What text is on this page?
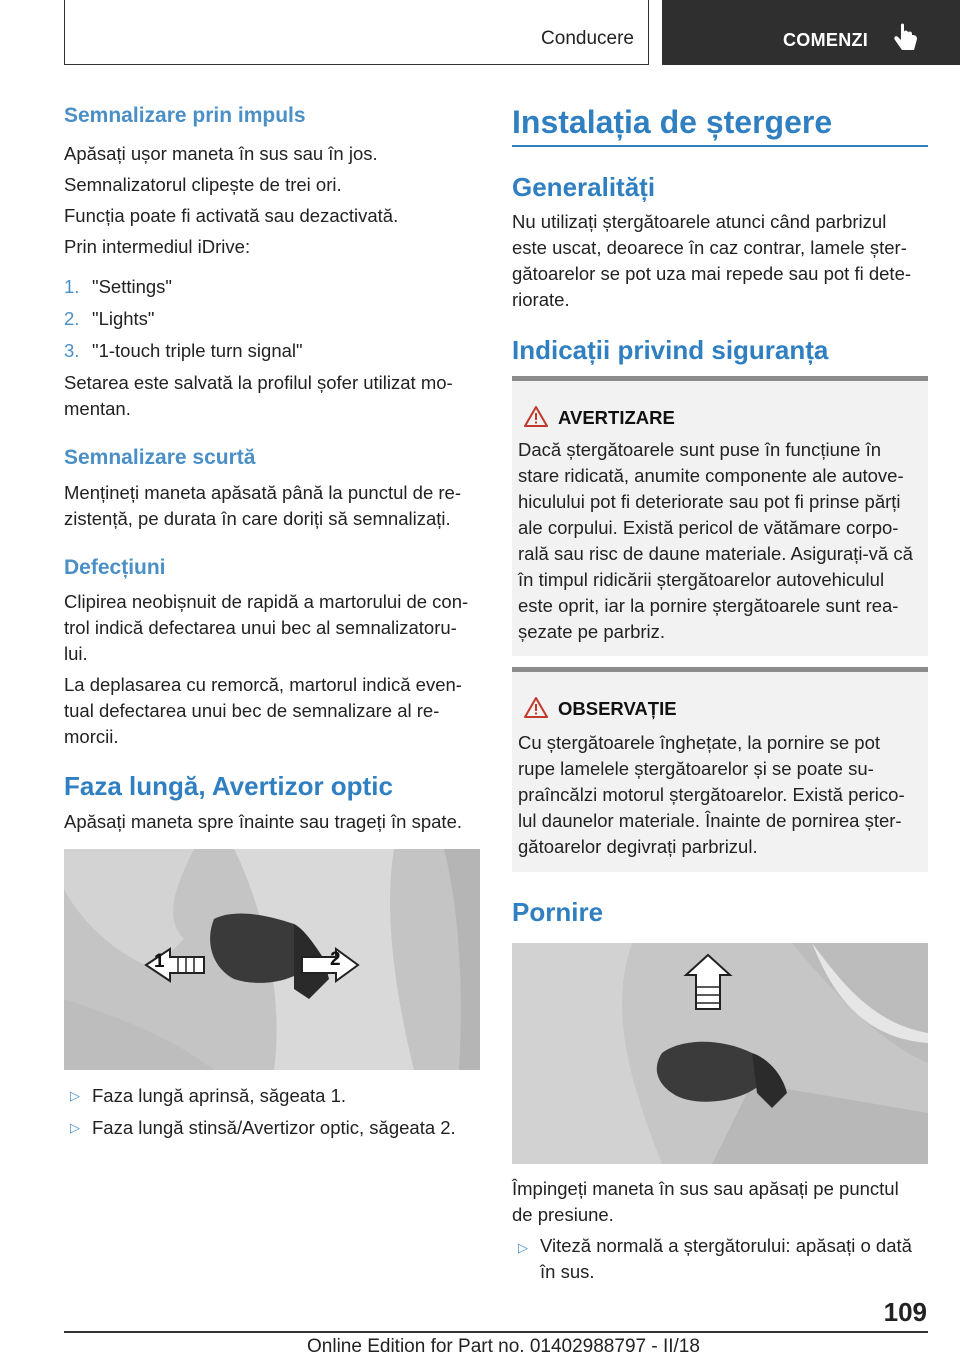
Conducere	COMENZI
Semnalizare prin impuls
Apăsați ușor maneta în sus sau în jos.
Semnalizatorul clipește de trei ori.
Funcția poate fi activată sau dezactivată.
Prin intermediul iDrive:
1. "Settings"
2. "Lights"
3. "1-touch triple turn signal"
Setarea este salvată la profilul șofer utilizat mo-
mentan.
Semnalizare scurtă
Mențineți maneta apăsată până la punctul de re-
zistență, pe durata în care doriți să semnalizați.
Defecțiuni
Clipirea neobișnuit de rapidă a martorului de con-
trol indică defectarea unui bec al semnalizatoru-
lui.
La deplasarea cu remorcă, martorul indică even-
tual defectarea unui bec de semnalizare al re-
morcii.
Faza lungă, Avertizor optic
Apăsați maneta spre înainte sau trageți în spate.
1	2
▷ Faza lungă aprinsă, săgeata 1.
▷ Faza lungă stinsă/Avertizor optic, săgeata 2.
Instalația de ștergere
Generalități
Nu utilizați ștergătoarele atunci când parbrizul
este uscat, deoarece în caz contrar, lamele șter-
gătoarelor se pot uza mai repede sau pot fi dete-
riorate.
Indicații privind siguranța
AVERTIZARE
Dacă ștergătoarele sunt puse în funcțiune în
stare ridicată, anumite componente ale autove-
hiculului pot fi deteriorate sau pot fi prinse părți
ale corpului. Există pericol de vătămare corpo-
rală sau risc de daune materiale. Asigurați-vă că
în timpul ridicării ștergătoarelor autovehiculul
este oprit, iar la pornire ștergătoarele sunt rea-
șezate pe parbriz.
OBSERVAȚIE
Cu ștergătoarele înghețate, la pornire se pot
rupe lamelele ștergătoarelor și se poate su-
praîncălzi motorul ștergătoarelor. Există perico-
lul daunelor materiale. Înainte de pornirea șter-
gătoarelor degivrați parbrizul.
Pornire
Împingeți maneta în sus sau apăsați pe punctul
de presiune.
▷ Viteză normală a ștergătorului: apăsați o dată
în sus.
109
Online Edition for Part no. 01402988797 - II/18
